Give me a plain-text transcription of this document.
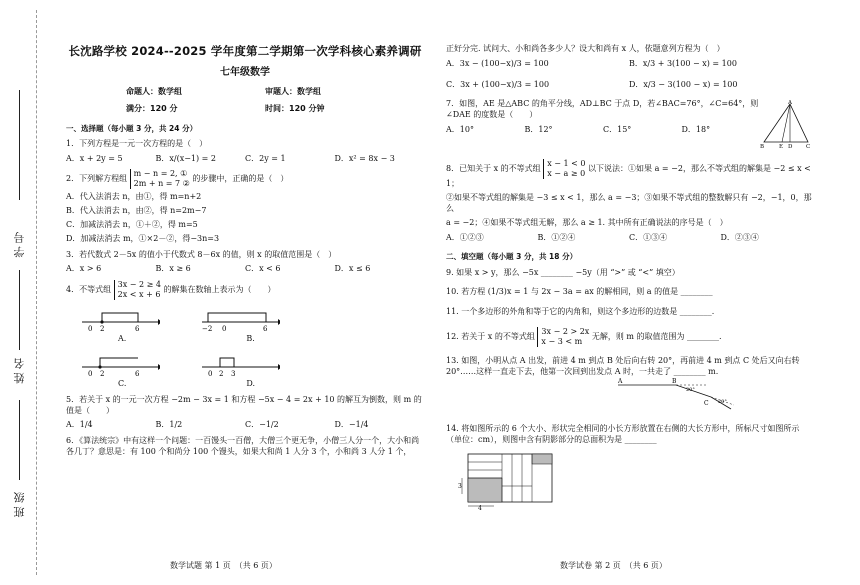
学 号
姓 名
班 级
长沈路学校 2024--2025 学年度第二学期第一次学科核心素养调研
七年级数学
命题人：数学组	审题人：数学组
满分：120 分	时间：120 分钟
一、选择题（每小题 3 分，共 24 分）
1．下列方程是一元一次方程的是（　）
A．x + 2y = 5	B．x/(x−1) = 2	C．2y = 1	D．x² = 8x − 3
2．下列解方程组 m − n = 2, ①
2m + n = 7 ② 的步骤中，正确的是（　）
A．代入法消去 n，由①，得 m=n+2
B．代入法消去 n，由②，得 n=2m−7
C．加减法消去 n，①＋②，得 m=5
D．加减法消去 m，①×2－②，得−3n=3
3．若代数式 2－5x 的值小于代数式 8－6x 的值，则 x 的取值范围是（　）
A．x > 6	B．x ≥ 6	C．x < 6	D．x ≤ 6
4．不等式组 3x − 2 ≥ 4
2x < x + 6 的解集在数轴上表示为（　　）
0 2	6	−2 0	6
A.	B.
0 2	6	0 2 3
C.	D.
5．若关于 x 的一元一次方程 −2m − 3x = 1 和方程 −5x − 4 = 2x + 10 的解互为倒数，则 m 的值是（　　）
A．1/4	B．1/2	C．−1/2	D．−1/4
6．《算法统宗》中有这样一个问题：一百馒头一百僧，大僧三个更无争，小僧三人分一个，大小和尚各几丁？意思是：有 100 个和尚分 100 个馒头，如果大和尚 1 人分 3 个，小和尚 3 人分 1 个，
数学试题 第 1 页　（共 6 页）
正好分完. 试问大、小和尚各多少人？设大和尚有 x 人，依题意列方程为（　）
A．3x − (100−x)/3 = 100	B．x/3 + 3(100 − x) = 100
C．3x + (100−x)/3 = 100	D．x/3 − 3(100 − x) = 100
7．如图，AE 是△ABC 的角平分线，AD⊥BC 于点 D，若∠BAC=76°，∠C=64°，则∠DAE 的度数是（　　）
A．10°	B．12°	C．15°	D．18°
A
B	D
E	C
8．已知关于 x 的不等式组 x − 1 < 0
x − a ≥ 0 以下说法：①如果 a = −2，那么不等式组的解集是 −2 ≤ x < 1；
②如果不等式组的解集是 −3 ≤ x < 1，那么 a = −3；③如果不等式组的整数解只有 −2，−1，0，那么
a = −2；④如果不等式组无解，那么 a ≥ 1. 其中所有正确说法的序号是（　）
A．①②③	B．①②④	C．①③④	D．②③④
二、填空题（每小题 3 分，共 18 分）
9. 如果 x > y，那么 −5x ________ −5y（用 “>” 或 “<” 填空）
10. 若方程 (1/3)x = 1 与 2x − 3a = ax 的解相同，则 a 的值是 ________
11. 一个多边形的外角和等于它的内角和，则这个多边形的边数是 ________.
12. 若关于 x 的不等式组 3x − 2 > 2x
x − 3 < m 无解，则 m 的取值范围为 ________.
13. 如图，小明从点 A 出发，前进 4 m 到点 B 处后向右转 20°，再前进 4 m 到点 C 处后又向右转 20°……这样一直走下去，他第一次回到出发点 A 时，一共走了 ________ m.
A	B
20°
C 20°
14. 将如图所示的 6 个大小、形状完全相同的小长方形放置在右侧的大长方形中，所标尺寸如图所示（单位：cm），则图中含有阴影部分的总面积为是 ________
3
4
数学试卷 第 2 页　（共 6 页）
